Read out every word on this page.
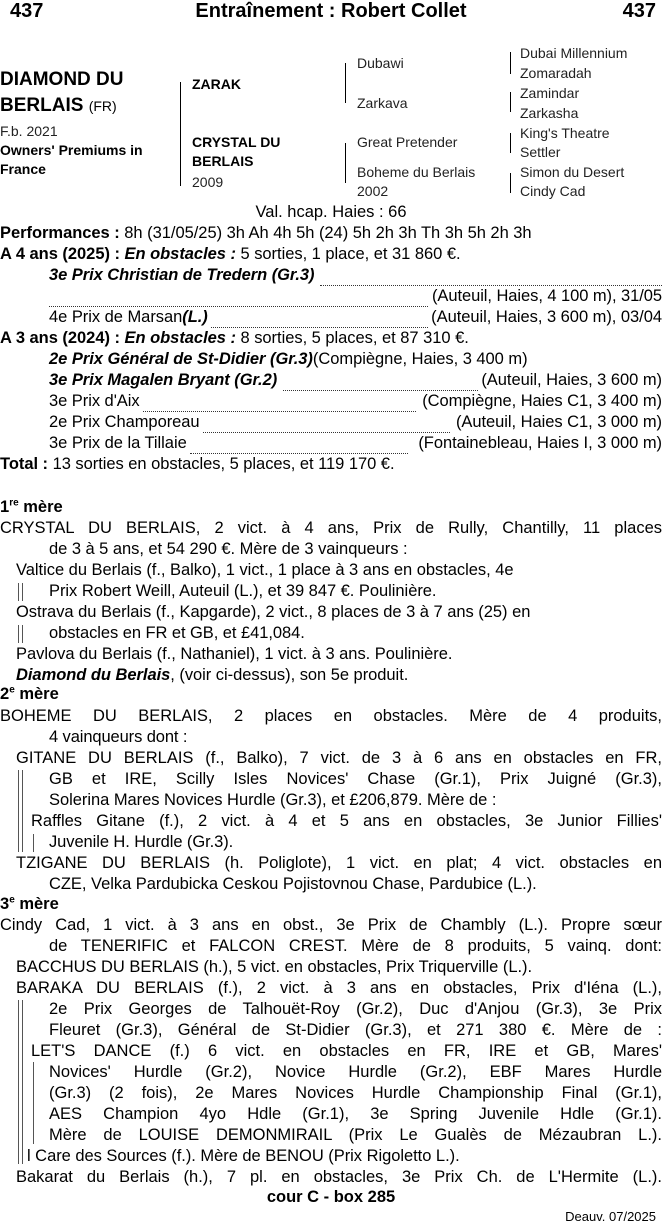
437	Entraînement : Robert Collet	437
DIAMOND DU
BERLAIS (FR)
F.b. 2021
Owners' Premiums in
France
ZARAK
CRYSTAL DU
BERLAIS
2009
Dubawi
Zarkava
Great Pretender
Boheme du Berlais
2002
Dubai Millennium
Zomaradah
Zamindar
Zarkasha
King's Theatre
Settler
Simon du Desert
Cindy Cad
Val. hcap. Haies : 66
Performances : 8h (31/05/25) 3h Ah 4h 5h (24) 5h 2h 3h Th 3h 5h 2h 3h
A 4 ans (2025) : En obstacles : 5 sorties, 1 place, et 31 860 €.
3e Prix Christian de Tredern (Gr.3)
(Auteuil, Haies, 4 100 m), 31/05
4e Prix de Marsan (L.)	(Auteuil, Haies, 3 600 m), 03/04
A 3 ans (2024) : En obstacles : 8 sorties, 5 places, et 87 310 €.
2e Prix Général de St-Didier (Gr.3) (Compiègne, Haies, 3 400 m)
3e Prix Magalen Bryant (Gr.2)	(Auteuil, Haies, 3 600 m)
3e Prix d'Aix	(Compiègne, Haies C1, 3 400 m)
2e Prix Champoreau	(Auteuil, Haies C1, 3 000 m)
3e Prix de la Tillaie	(Fontainebleau, Haies I, 3 000 m)
Total : 13 sorties en obstacles, 5 places, et 119 170 €.
1re mère
CRYSTAL DU BERLAIS, 2 vict. à 4 ans, Prix de Rully, Chantilly, 11 places
de 3 à 5 ans, et 54 290 €. Mère de 3 vainqueurs :
Valtice du Berlais (f., Balko), 1 vict., 1 place à 3 ans en obstacles, 4e
Prix Robert Weill, Auteuil (L.), et 39 847 €. Poulinière.
Ostrava du Berlais (f., Kapgarde), 2 vict., 8 places de 3 à 7 ans (25) en
obstacles en FR et GB, et £41,084.
Pavlova du Berlais (f., Nathaniel), 1 vict. à 3 ans. Poulinière.
Diamond du Berlais, (voir ci-dessus), son 5e produit.
2e mère
BOHEME DU BERLAIS, 2 places en obstacles. Mère de 4 produits,
4 vainqueurs dont :
GITANE DU BERLAIS (f., Balko), 7 vict. de 3 à 6 ans en obstacles en FR,
GB et IRE, Scilly Isles Novices' Chase (Gr.1), Prix Juigné (Gr.3),
Solerina Mares Novices Hurdle (Gr.3), et £206,879. Mère de :
Raffles Gitane (f.), 2 vict. à 4 et 5 ans en obstacles, 3e Junior Fillies'
Juvenile H. Hurdle (Gr.3).
TZIGANE DU BERLAIS (h. Poliglote), 1 vict. en plat; 4 vict. obstacles en
CZE, Velka Pardubicka Ceskou Pojistovnou Chase, Pardubice (L.).
3e mère
Cindy Cad, 1 vict. à 3 ans en obst., 3e Prix de Chambly (L.). Propre sœur
de TENERIFIC et FALCON CREST. Mère de 8 produits, 5 vainq. dont:
BACCHUS DU BERLAIS (h.), 5 vict. en obstacles, Prix Triquerville (L.).
BARAKA DU BERLAIS (f.), 2 vict. à 3 ans en obstacles, Prix d'Iéna (L.),
2e Prix Georges de Talhouët-Roy (Gr.2), Duc d'Anjou (Gr.3), 3e Prix
Fleuret (Gr.3), Général de St-Didier (Gr.3), et 271 380 €. Mère de :
LET'S DANCE (f.) 6 vict. en obstacles en FR, IRE et GB, Mares'
Novices' Hurdle (Gr.2), Novice Hurdle (Gr.2), EBF Mares Hurdle
(Gr.3) (2 fois), 2e Mares Novices Hurdle Championship Final (Gr.1),
AES Champion 4yo Hdle (Gr.1), 3e Spring Juvenile Hdle (Gr.1).
Mère de LOUISE DEMONMIRAIL (Prix Le Gualès de Mézaubran L.).
l Care des Sources (f.). Mère de BENOU (Prix Rigoletto L.).
Bakarat du Berlais (h.), 7 pl. en obstacles, 3e Prix Ch. de L'Hermite (L.).
cour C - box 285
Deauv. 07/2025
